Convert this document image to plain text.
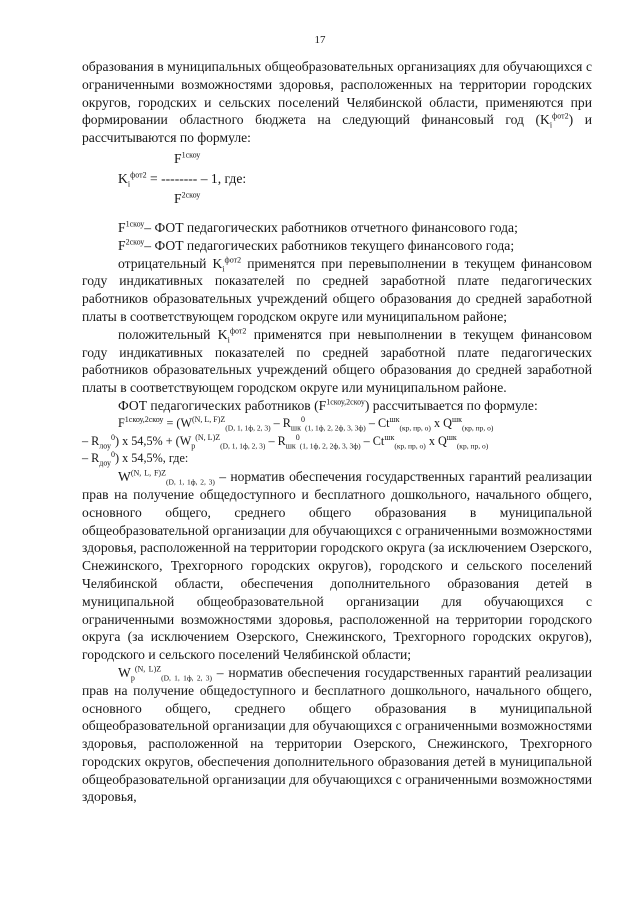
17

образования в муниципальных общеобразовательных организациях для обучающихся с ограниченными возможностями здоровья, расположенных на территории городских округов, городских и сельских поселений Челябинской области, применяются при формировании областного бюджета на следующий финансовый год $(K_i^{фот2})$ и рассчитываются по формуле:

$F^{1скоу}$
$K_i^{фот2}$ = -------- – 1, где:
$F^{2скоу}$

$F^{1скоу}-$ ФОТ педагогических работников отчетного финансового года;

$F^{2скоу}-$ ФОТ педагогических работников текущего финансового года;

отрицательный $K_i^{фот2}$ применятся при перевыполнении в текущем финансовом году индикативных показателей по средней заработной плате педагогических работников образовательных учреждений общего образования до средней заработной платы в соответствующем городском округе или муниципальном районе;

положительный $K_i^{фот2}$ применятся при невыполнении в текущем финансовом году индикативных показателей по средней заработной плате педагогических работников образовательных учреждений общего образования до средней заработной платы в соответствующем городском округе или муниципальном районе.

ФОТ педагогических работников $(F^{1скоу,2скоу})$ рассчитывается по формуле:

$F^{1скоу,2скоу} = (W^{(N, L, F)Z}_{(D, 1, 1ф, 2, 3)} - R_{шк}^0_{(1, 1ф, 2, 2ф, 3, 3ф)} - Ct^{шк}_{(кр, пр, о)}$ x $Q^{шк}_{(кр, пр, о)}$
– $R_{лоу}^0$) x $54,5\% + (W_р^{(N, L)Z}_{(D, 1, 1ф, 2, 3)} - R_{шк}^0_{(1, 1ф, 2, 2ф, 3, 3ф)} - Ct^{шк}_{(кр, пр, о)}$ x $Q^{шк}_{(кр, пр, о)}$
– $R_{доу}^0$) x 54,5%, где:

$W^{(N, L, F)Z}_{(D, 1, 1ф, 2, 3)}$ – норматив обеспечения государственных гарантий реализации прав на получение общедоступного и бесплатного дошкольного, начального общего, основного общего, среднего общего образования в муниципальной общеобразовательной организации для обучающихся с ограниченными возможностями здоровья, расположенной на территории городского округа (за исключением Озерского, Снежинского, Трехгорного городских округов), городского и сельского поселений Челябинской области, обеспечения дополнительного образования детей в муниципальной общеобразовательной организации для обучающихся с ограниченными возможностями здоровья, расположенной на территории городского округа (за исключением Озерского, Снежинского, Трехгорного городских округов), городского и сельского поселений Челябинской области;

$W_р^{(N, L)Z}_{(D, 1, 1ф, 2, 3)}$ – норматив обеспечения государственных гарантий реализации прав на получение общедоступного и бесплатного дошкольного, начального общего, основного общего, среднего общего образования в муниципальной общеобразовательной организации для обучающихся с ограниченными возможностями здоровья, расположенной на территории Озерского, Снежинского, Трехгорного городских округов, обеспечения дополнительного образования детей в муниципальной общеобразовательной организации для обучающихся с ограниченными возможностями здоровья,
